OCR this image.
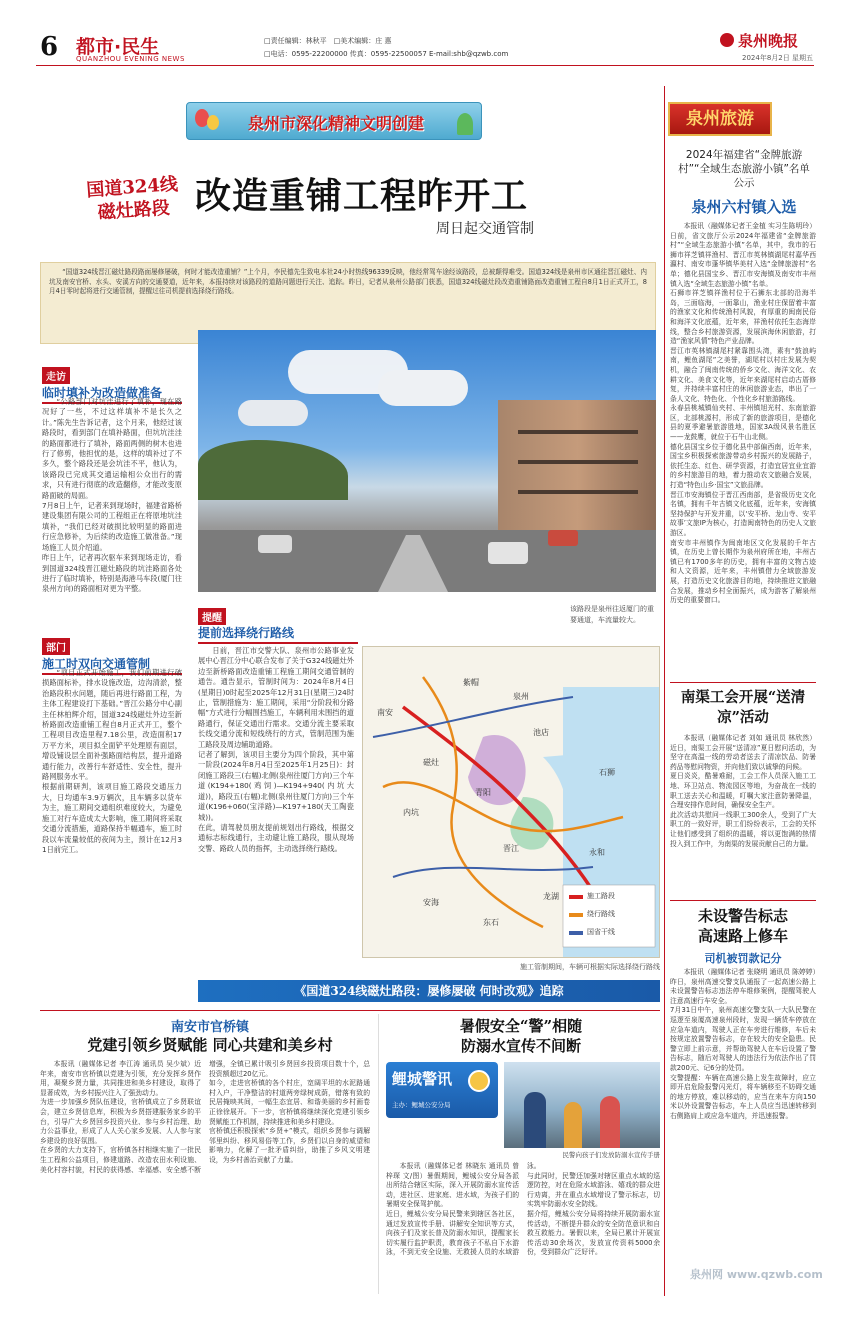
6 都市·民生
QUANZHOU EVENING NEWS
□责任编辑：林秋平　□美术编辑：庄 惠
□电话：0595-22200000 传真：0595-22500057 E-mail:shb@qzwb.com
泉州晚报
2024年8月2日 星期五
泉州市深化精神文明创建
国道324线
磁灶路段 改造重铺工程昨开工
周日起交通管制
“国道324线晋江磁灶路段路面屡修屡破，何时才能改造重铺？”上个月，李民德先生致电本社24小时热线96339反映，他经常驾车途经该路段，总被颠得难受。国道324线是泉州市区通往晋江磁灶、内坑及南安官桥、水头、安溪方向的交通要道，近年来，本报持续对该路段的道路问题进行关注、追踪。昨日，记者从泉州公路部门获悉，国道324线磁灶段改造重铺路面改造重铺工程自8月1日正式开工，8月4日零时起将进行交通管制，提醒过往司机提前选择绕行路线。
走访
临时填补为改造做准备
“公路部门对坑洼进行了填补，现在路况好了一些，不过这样填补不是长久之计。”陈先生告诉记者，这个月来，他经过该路段时，看到部门在填补路面，但坑坑洼洼的路面都进行了填补，路面两侧的树木也进行了修剪，他担忧的是，这样的填补过了不多久，整个路段还是会坑洼不平，他认为，该路段已完成其交通运输相公众出行的需求，只有进行彻底的改造翻修，才能改变原路面破的局面。
7月8日上午，记者来到现场时，福建省路桥建设集团有限公司的工程组正在将原地坑洼填补，“我们已经对破损比较明显的路面进行应急修补，为后续的改造施工做准备。”现场施工人员介绍道。
昨日上午，记者再次驱车来到现场走访，看到国道324线晋江磁灶路段的坑洼路面各处进行了临时填补，特别是海港马车段(厦门往泉州方向)的路面相对更为平整。
部门
施工时双向交通管制
“项目正式开始施工，我们前期进行破损路面标补，排水设施改造，边沟清淤，整治路段积水问题，随后再进行路面工程，为主体工程建设打下基础。”晋江公路分中心副主任林柏辉介绍，国道324线磁灶外边至新桥路面改造重铺工程自8月正式开工，整个工程项目改造里程7.18公里，改造面积17万平方米，项目拟全面铲平处理原有面层，增设铺设层全面补强路面结构层，提升道路通行能力，改善行车舒适性、安全性，提升路网服务水平。
根据前期研判，该项目施工路段交通压力大，日均通车3.9万辆次，且车辆多以货车为主，施工期间交通组织难度较大，为避免施工对行车造成太大影响，施工期间将采取交通分流措施，道路保持半幅通车，施工时段以车流量较低的夜间为主，预计在12月31日前完工。
该路段是泉州往返厦门的重要通道，车流量较大。
提醒
提前选择绕行路线
日前，晋江市交警大队、泉州市公路事业发展中心晋江分中心联合发布了关于G324线磁灶外边至新桥路面改造重铺工程施工期间交通管制的通告。通告显示，管制时间为：2024年8月4日(星期日)0时起至2025年12月31日(星期三)24时止，管制措施为：施工期间，采用“分阶段和分路幅”方式进行分幅围挡施工，车辆利用未围挡的道路通行，保证交通出行需求。交通分流主要采取长线交通分流和短线绕行的方式，管制范围为施工路段及周边辅助道路。
记者了解到，该项目主要分为四个阶段，其中第一阶段(2024年8月4日至2025年1月25日)：封闭施工路段三(右幅)北侧(泉州往厦门方向)三个车道(K194+180(鸡饲)—K194+940(内坑大道))，路段五(右幅)北侧(泉州往厦门方向)三个车道(K196+060(宝洋路)—K197+180(天工陶瓷城))。
在此，请驾驶员朋友提前规划出行路线，根据交通标志标线通行，主动避让施工路段，服从现场交警、路政人员的指挥，主动选择绕行路线。
泉州
磁灶
内坑
池店
晋江
石狮
南安
安海
东石
龙湖
永和
青阳
紫帽
施工路段
绕行路线
国省干线
施工管制期间，车辆可根据实际选择绕行路线
《国道324线磁灶路段：屡修屡破 何时改观》追踪
泉州旅游
2024年福建省“金牌旅游村”“全域生态旅游小镇”名单公示
泉州六村镇入选
本报讯（融媒体记者王金植 实习生陈明玲）日前，省文旅厅公示2024年福建省“金牌旅游村”“全域生态旅游小镇”名单，其中，我市的石狮市祥芝镇祥渔村、晋江市英林镇湖尾村嘉华西瀛村、南安市蓬华镇华美村入选“金牌旅游村”名单；德化县国宝乡、晋江市安海镇及南安市丰州镇入选“全域生态旅游小镇”名单。
石狮市祥芝镇祥渔村位于石狮东北部的沿海半岛，三面临海，一面靠山，渔业村庄保留着丰富的渔家文化和传统渔村风貌，有厚重的闽南民俗和海洋文化底蕴，近年来，祥渔村依托生态海岸线，整合乡村旅游资源，发展滨海休闲旅游，打造“渔家风情”特色产业品牌。
晋江市英林镇湖尾村紧靠围头湾，素有“鼓浪屿南，鲤鱼湖尾”之美誉，湖尾村以村庄发展为契机，融合了闽南传统的侨乡文化、海洋文化、农耕文化、美食文化等，近年来湖尾村启动古厝修复，并持续丰富村庄的休闲旅游业态，串出了一条人文化、特色化、个性化乡村旅游路线。
永春县桃城镇仙夹村、丰州镇旭光村、东南旅游区，北部桃源村，形成了新的旅游项目，是德化县的夏季避暑旅游胜地，国家3A级风景名胜区——龙鼓鹰，就位于石牛山北侧。
德化县国宝乡位于德化县中部偏西南，近年来，国宝乡积极探索旅游带动乡村振兴的发展路子，依托生态、红色、研学资源，打造宜居宜业宜游的乡村旅游目的地，着力推动农文旅融合发展，打造“特色山乡·国宝”文旅品牌。
晋江市安海镇位于晋江西南部，是省级历史文化名镇，拥有千年古镇文化底蕴，近年来，安海镇坚持保护与开发并重，以‘安平桥、龙山寺、安平故事’文旅IP为核心，打造闽南特色的历史人文旅游区。
南安市丰州镇作为闽南地区文化发展的千年古镇，在历史上曾长期作为泉州府所在地，丰州古镇已有1700多年的历史，拥有丰富的文物古迹和人文资源，近年来，丰州镇借力全域旅游发展，打造历史文化旅游目的地，持续推进文旅融合发展，推动乡村全面振兴，成为游客了解泉州历史的重要窗口。
南渠工会开展“送清凉”活动
本报讯（融媒体记者 刘如 通讯员 林欣然）近日，南渠工会开展“送清凉”夏日慰问活动，为坚守在高温一线的劳动者送去了清凉饮品、防暑药品等慰问物资，并向他们致以诚挚的问候。
夏日炎炎，酷暑难耐，工会工作人员深入施工工地、环卫站点、物流园区等地，为奋战在一线的职工送去关心和温暖，叮嘱大家注意防暑降温，合理安排作息时间，确保安全生产。
此次活动共慰问一线职工300余人，受到了广大职工的一致好评，职工们纷纷表示，工会的关怀让他们感受到了组织的温暖，将以更饱满的热情投入到工作中，为南渠的发展贡献自己的力量。
未设警告标志
高速路上修车
司机被罚款记分
本报讯（融媒体记者 张晓明 通讯员 陈婷婷）昨日，泉州高速交警支队通报了一起高速公路上未设置警告标志违法停车维修案例，提醒驾驶人注意高速行车安全。
7月31日中午，泉州高速交警支队一大队民警在巡逻至泉厦高速泉州段时，发现一辆货车停放在应急车道内，驾驶人正在车旁进行维修，车后未按规定放置警告标志，存在较大的安全隐患。民警立即上前示意，并帮助驾驶人在车后设置了警告标志，随后对驾驶人的违法行为依法作出了罚款200元、记6分的处罚。
交警提醒：车辆在高速公路上发生故障时，应立即开启危险报警闪光灯，将车辆移至不妨碍交通的地方停放，难以移动的，应当在来车方向150米以外设置警告标志，车上人员应当迅速转移到右侧路肩上或应急车道内，并迅速报警。
南安市官桥镇
党建引领乡贤赋能 同心共建和美乡村
本报讯（融媒体记者 李江涛 通讯员 吴少斌）近年来，南安市官桥镇以党建为引领，充分发挥乡贤作用，凝聚乡贤力量，共同推进和美乡村建设，取得了显著成效，为乡村振兴注入了强劲动力。
为进一步加强乡贤队伍建设，官桥镇成立了乡贤联谊会，建立乡贤信息库，积极为乡贤搭建服务家乡的平台，引导广大乡贤回乡投资兴业、参与乡村治理、助力公益事业，形成了人人关心家乡发展、人人参与家乡建设的良好氛围。
在乡贤的大力支持下，官桥镇各村相继实施了一批民生工程和公益项目，修建道路、改造农田水利设施、美化村容村貌，村民的获得感、幸福感、安全感不断增强，全镇已累计吸引乡贤回乡投资项目数十个，总投资额超过20亿元。
如今，走进官桥镇的各个村庄，宽阔平坦的水泥路通村入户，干净整洁的村道两旁绿树成荫，错落有致的民居掩映其间，一幅生态宜居、和谐美丽的乡村画卷正徐徐展开。下一步，官桥镇将继续深化党建引领乡贤赋能工作机制，持续推进和美乡村建设。
官桥镇还积极探索“乡贤+”模式，组织乡贤参与调解邻里纠纷、移风易俗等工作，乡贤们以自身的威望和影响力，化解了一批矛盾纠纷，助推了乡风文明建设，为乡村善治贡献了力量。
暑假安全“警”相随
防溺水宣传不间断
鲤城警讯
主办：鲤城公安分局
民警向孩子们发放防溺水宣传手册
本报讯（融媒体记者 林晓东 通讯员 曾梓琛 文/图）暑假期间，鲤城公安分局各派出所结合辖区实际，深入开展防溺水宣传活动，进社区、进家庭、进水域，为孩子们的暑期安全保驾护航。
近日，鲤城公安分局民警来到辖区各社区，通过发放宣传手册、讲解安全知识等方式，向孩子们及家长普及防溺水知识，提醒家长切实履行监护职责，教育孩子不私自下水游泳，不到无安全设施、无救援人员的水域游泳。
与此同时，民警还加强对辖区重点水域的巡逻防控，对在危险水域游泳、嬉戏的群众进行劝离，并在重点水域增设了警示标志，切实筑牢防溺水安全防线。
据介绍，鲤城公安分局将持续开展防溺水宣传活动，不断提升群众的安全防范意识和自救互救能力。暑假以来，全局已累计开展宣传活动30余场次，发放宣传资料5000余份，受到群众广泛好评。
泉州网 www.qzwb.com
